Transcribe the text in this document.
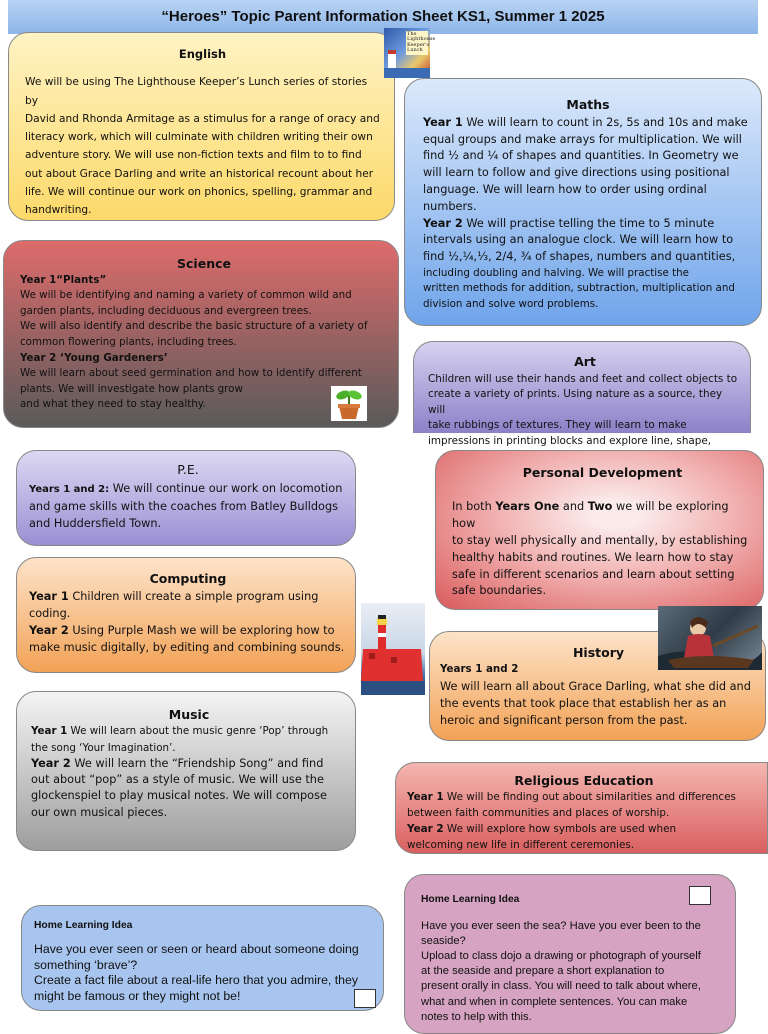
“Heroes” Topic Parent Information Sheet KS1, Summer 1 2025
English
We will be using The Lighthouse Keeper’s Lunch series of stories by
David and Rhonda Armitage as a stimulus for a range of oracy and
literacy work, which will culminate with children writing their own
adventure story. We will use non-fiction texts and film to to find
out about Grace Darling and write an historical recount about her
life. We will continue our work on phonics, spelling, grammar and
handwriting.
The
Lighthouse
Keeper's
Lunch
Maths
Year 1 We will learn to count in 2s, 5s and 10s and make
equal groups and make arrays for multiplication. We will
find ½ and ¼ of shapes and quantities. In Geometry we
will learn to follow and give directions using positional
language. We will learn how to order using ordinal
numbers.
Year 2 We will practise telling the time to 5 minute
intervals using an analogue clock. We will learn how to
find ½,¼,⅓, 2/4, ¾ of shapes, numbers and quantities,
including doubling and halving. We will practise the
written methods for addition, subtraction, multiplication and
division and solve word problems.
Science
Year 1“Plants”
We will be identifying and naming a variety of common wild and
garden plants, including deciduous and evergreen trees.
We will also identify and describe the basic structure of a variety of
common flowering plants, including trees.
Year 2 ‘Young Gardeners’
We will learn about seed germination and how to identify different
plants. We will investigate how plants grow
and what they need to stay healthy.
Art
Children will use their hands and feet and collect objects to
create a variety of prints. Using nature as a source, they will
take rubbings of textures. They will learn to make
impressions in printing blocks and explore line, shape,
P.E.
Years 1 and 2: We will continue our work on locomotion
and game skills with the coaches from Batley Bulldogs
and Huddersfield Town.
Personal Development
In both Years One and Two we will be exploring how
to stay well physically and mentally, by establishing
healthy habits and routines. We learn how to stay
safe in different scenarios and learn about setting
safe boundaries.
Computing
Year 1 Children will create a simple program using
coding.
Year 2 Using Purple Mash we will be exploring how to
make music digitally, by editing and combining sounds.	History
Years 1 and 2
We will learn all about Grace Darling, what she did and
the events that took place that establish her as an
heroic and significant person from the past.
Music
Year 1 We will learn about the music genre ‘Pop’ through
the song ‘Your Imagination’.
Year 2 We will learn the “Friendship Song” and find
out about “pop” as a style of music. We will use the
glockenspiel to play musical notes. We will compose
our own musical pieces.
Religious Education
Year 1 We will be finding out about similarities and differences
between faith communities and places of worship.
Year 2 We will explore how symbols are used when
welcoming new life in different ceremonies.
Home Learning Idea
Have you ever seen or seen or heard about someone doing
something ‘brave’?
Create a fact file about a real-life hero that you admire, they
might be famous or they might not be!
Home Learning Idea
Have you ever seen the sea? Have you ever been to the
seaside?
Upload to class dojo a drawing or photograph of yourself
at the seaside and prepare a short explanation to
present orally in class. You will need to talk about where,
what and when in complete sentences. You can make
notes to help with this.
